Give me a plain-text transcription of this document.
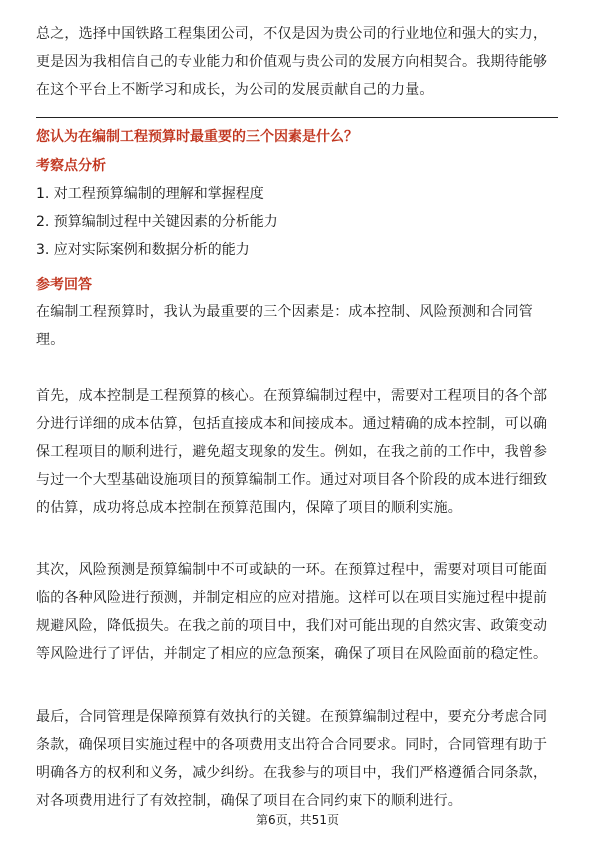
总之，选择中国铁路工程集团公司，不仅是因为贵公司的行业地位和强大的实力，更是因为我相信自己的专业能力和价值观与贵公司的发展方向相契合。我期待能够在这个平台上不断学习和成长，为公司的发展贡献自己的力量。

您认为在编制工程预算时最重要的三个因素是什么？

考察点分析

1. 对工程预算编制的理解和掌握程度

2. 预算编制过程中关键因素的分析能力

3. 应对实际案例和数据分析的能力

参考回答

在编制工程预算时，我认为最重要的三个因素是：成本控制、风险预测和合同管理。

首先，成本控制是工程预算的核心。在预算编制过程中，需要对工程项目的各个部分进行详细的成本估算，包括直接成本和间接成本。通过精确的成本控制，可以确保工程项目的顺利进行，避免超支现象的发生。例如，在我之前的工作中，我曾参与过一个大型基础设施项目的预算编制工作。通过对项目各个阶段的成本进行细致的估算，成功将总成本控制在预算范围内，保障了项目的顺利实施。

其次，风险预测是预算编制中不可或缺的一环。在预算过程中，需要对项目可能面临的各种风险进行预测，并制定相应的应对措施。这样可以在项目实施过程中提前规避风险，降低损失。在我之前的项目中，我们对可能出现的自然灾害、政策变动等风险进行了评估，并制定了相应的应急预案，确保了项目在风险面前的稳定性。

最后，合同管理是保障预算有效执行的关键。在预算编制过程中，要充分考虑合同条款，确保项目实施过程中的各项费用支出符合合同要求。同时，合同管理有助于明确各方的权利和义务，减少纠纷。在我参与的项目中，我们严格遵循合同条款，对各项费用进行了有效控制，确保了项目在合同约束下的顺利进行。

第6页，共51页
